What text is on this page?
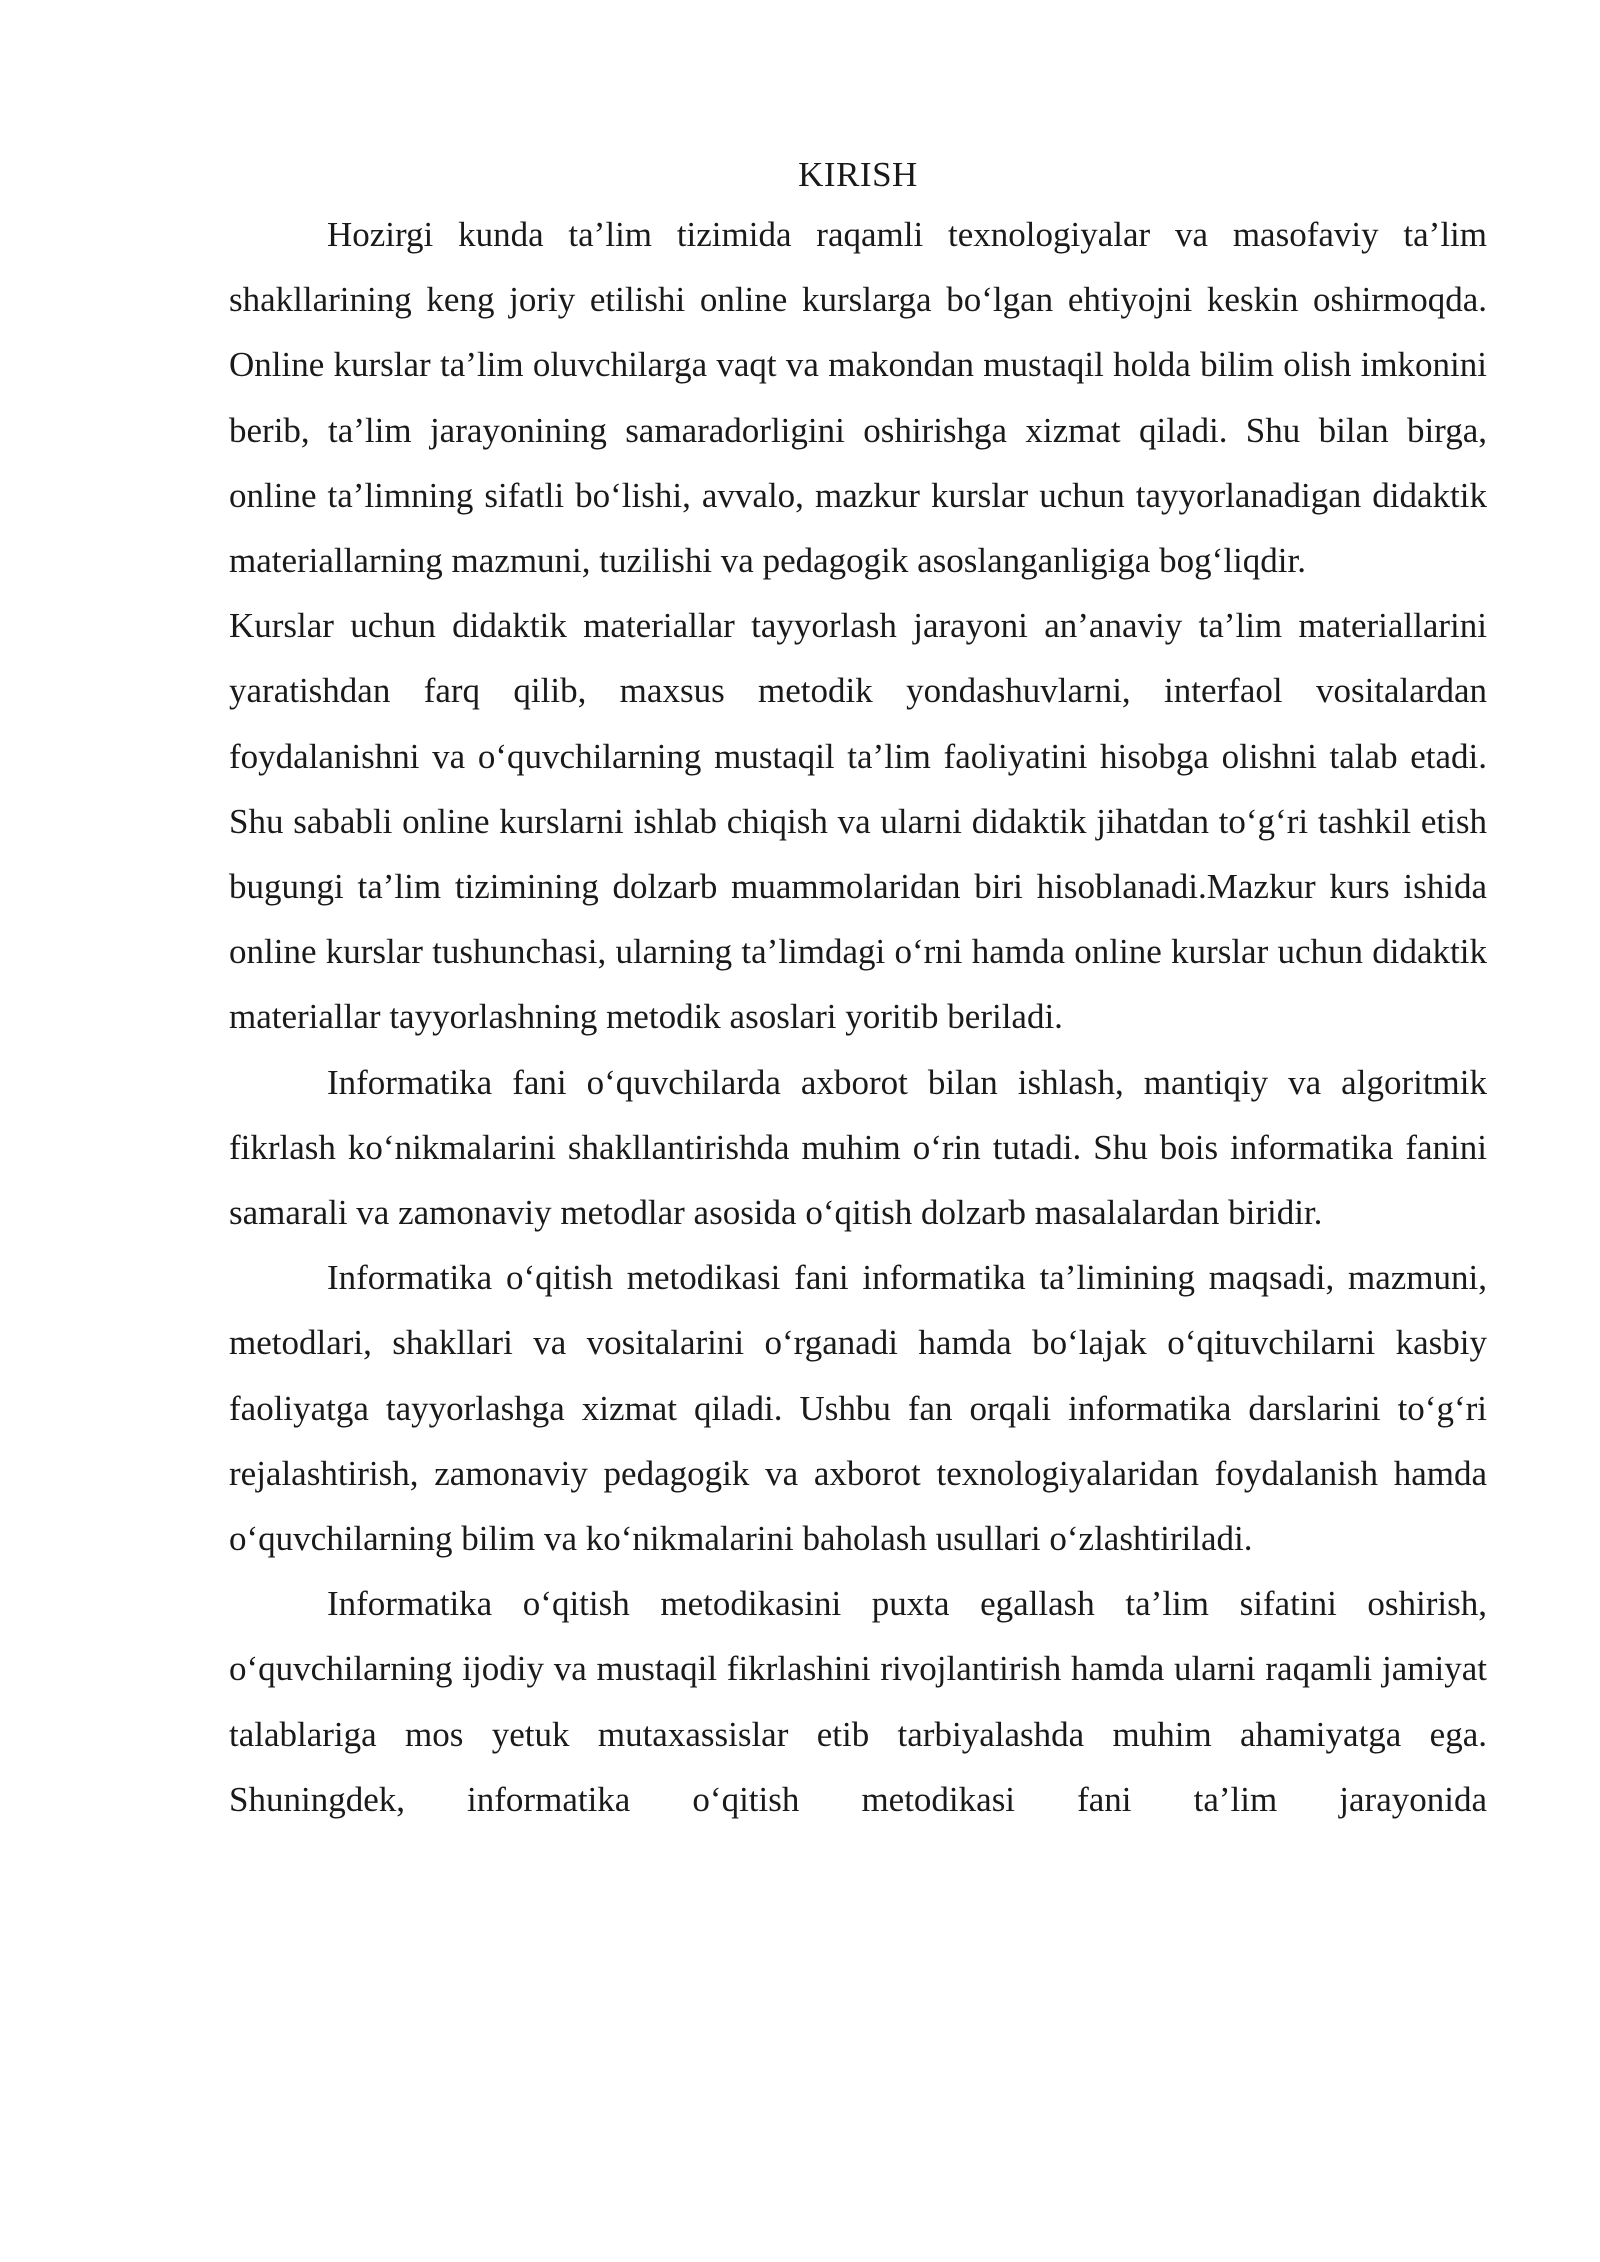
KIRISH

Hozirgi kunda ta’lim tizimida raqamli texnologiyalar va masofaviy ta’lim shakllarining keng joriy etilishi online kurslarga bo‘lgan ehtiyojni keskin oshirmoqda. Online kurslar ta’lim oluvchilarga vaqt va makondan mustaqil holda bilim olish imkonini berib, ta’lim jarayonining samaradorligini oshirishga xizmat qiladi. Shu bilan birga, online ta’limning sifatli bo‘lishi, avvalo, mazkur kurslar uchun tayyorlanadigan didaktik materiallarning mazmuni, tuzilishi va pedagogik asoslanganligiga bog‘liqdir.

Kurslar uchun didaktik materiallar tayyorlash jarayoni an’anaviy ta’lim materiallarini yaratishdan farq qilib, maxsus metodik yondashuvlarni, interfaol vositalardan foydalanishni va o‘quvchilarning mustaqil ta’lim faoliyatini hisobga olishni talab etadi. Shu sababli online kurslarni ishlab chiqish va ularni didaktik jihatdan to‘g‘ri tashkil etish bugungi ta’lim tizimining dolzarb muammolaridan biri hisoblanadi.Mazkur kurs ishida online kurslar tushunchasi, ularning ta’limdagi o‘rni hamda online kurslar uchun didaktik materiallar tayyorlashning metodik asoslari yoritib beriladi.

Informatika fani o‘quvchilarda axborot bilan ishlash, mantiqiy va algoritmik fikrlash ko‘nikmalarini shakllantirishda muhim o‘rin tutadi. Shu bois informatika fanini samarali va zamonaviy metodlar asosida o‘qitish dolzarb masalalardan biridir.

Informatika o‘qitish metodikasi fani informatika ta’limining maqsadi, mazmuni, metodlari, shakllari va vositalarini o‘rganadi hamda bo‘lajak o‘qituvchilarni kasbiy faoliyatga tayyorlashga xizmat qiladi. Ushbu fan orqali informatika darslarini to‘g‘ri rejalashtirish, zamonaviy pedagogik va axborot texnologiyalaridan foydalanish hamda o‘quvchilarning bilim va ko‘nikmalarini baholash usullari o‘zlashtiriladi.

Informatika o‘qitish metodikasini puxta egallash ta’lim sifatini oshirish, o‘quvchilarning ijodiy va mustaqil fikrlashini rivojlantirish hamda ularni raqamli jamiyat talablariga mos yetuk mutaxassislar etib tarbiyalashda muhim ahamiyatga ega. Shuningdek, informatika o‘qitish metodikasi fani ta’lim jarayonida
